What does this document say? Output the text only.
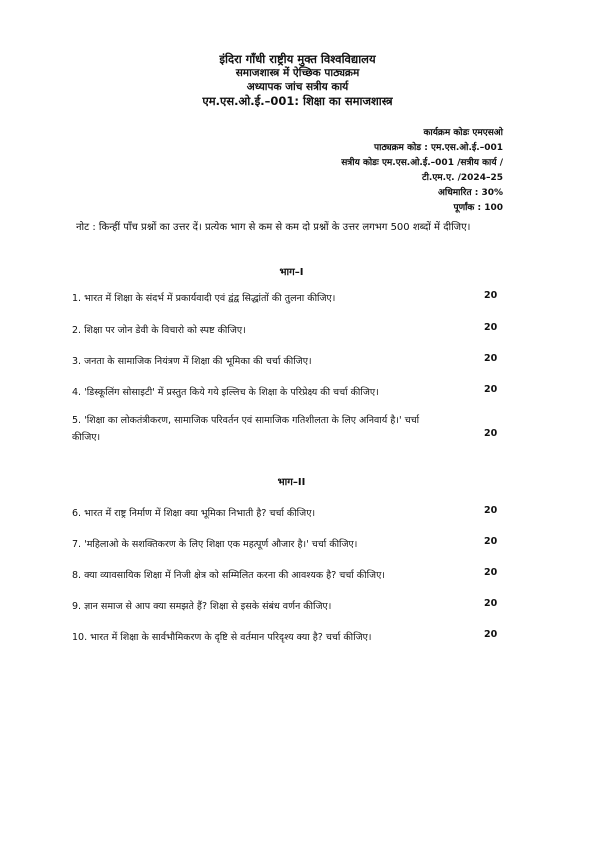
इंदिरा गाँधी राष्ट्रीय मुक्त विश्वविद्यालय
समाजशास्त्र में ऐच्छिक पाठ्यक्रम
अध्यापक जांच सत्रीय कार्य
एम.एस.ओ.ई.–001: शिक्षा का समाजशास्त्र
कार्यक्रम कोडः एमएसओ
पाठ्यक्रम कोड : एम.एस.ओ.ई.–001
सत्रीय कोडः एम.एस.ओ.ई.–001 /सत्रीय कार्य /
टी.एम.ए. /2024–25
अधिमारित : 30%
पूर्णांक : 100
नोट : किन्हीं पाँच प्रश्नों का उत्तर दें। प्रत्येक भाग से कम से कम दो प्रश्नों के उत्तर लगभग 500 शब्दों में दीजिए।
भाग–I
1. भारत में शिक्षा के संदर्भ में प्रकार्यवादी एवं द्वंद्व सिद्धांतों की तुलना कीजिए।	20
2. शिक्षा पर जोन डेवी के विचारो को स्पष्ट कीजिए।	20
3. जनता के सामाजिक नियंत्रण में शिक्षा की भूमिका की चर्चा कीजिए।	20
4. 'डिस्कूलिंग सोसाइटी' में प्रस्तुत किये गये इल्लिच के शिक्षा के परिप्रेक्ष्य की चर्चा कीजिए।	20
5. 'शिक्षा का लोकतंत्रीकरण, सामाजिक परिवर्तन एवं सामाजिक गतिशीलता के लिए अनिवार्य है।' चर्चा कीजिए।	20
भाग–II
6. भारत में राष्ट्र निर्माण में शिक्षा क्या भूमिका निभाती है? चर्चा कीजिए।	20
7. 'महिलाओ के सशक्तिकरण के लिए शिक्षा एक महत्पूर्ण औजार है।' चर्चा कीजिए।	20
8. क्या व्यावसायिक शिक्षा में निजी क्षेत्र को सम्मिलित करना की आवश्यक है? चर्चा कीजिए।	20
9. ज्ञान समाज से आप क्या समझते हैं? शिक्षा से इसके संबंध वर्णन कीजिए।	20
10. भारत में शिक्षा के सार्वभौमिकरण के दृष्टि से वर्तमान परिदृश्य क्या है? चर्चा कीजिए।	20
